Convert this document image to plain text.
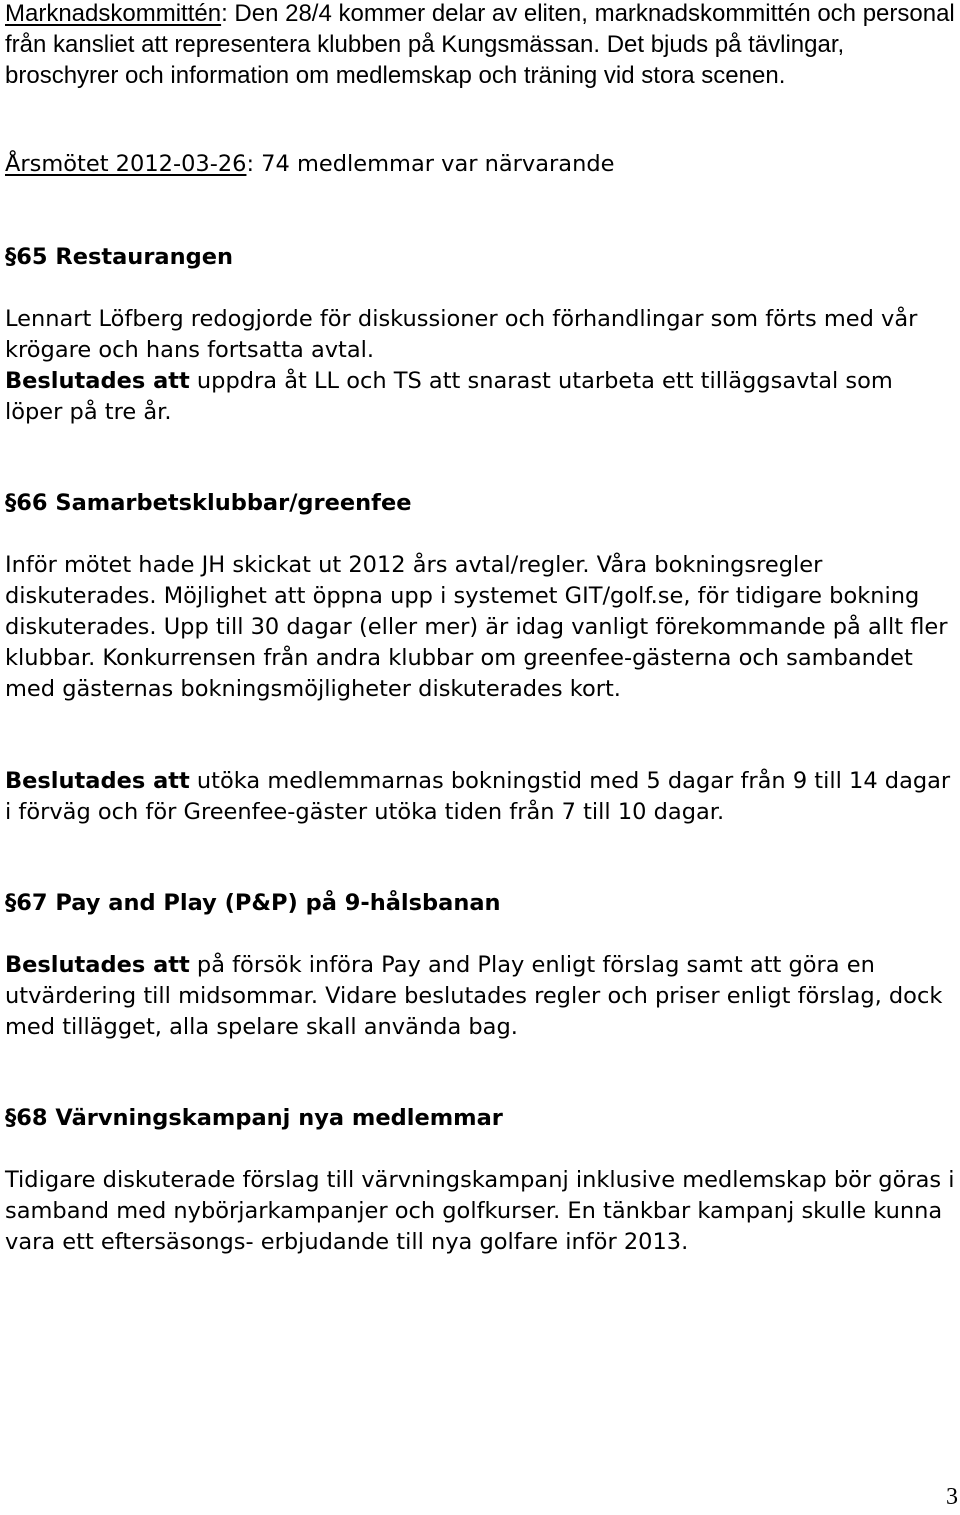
Marknadskommittén: Den 28/4 kommer delar av eliten, marknadskommittén och personal från kansliet att representera klubben på Kungsmässan. Det bjuds på tävlingar, broschyrer och information om medlemskap och träning vid stora scenen.

Årsmötet 2012-03-26: 74 medlemmar var närvarande

§65 Restaurangen

Lennart Löfberg redogjorde för diskussioner och förhandlingar som förts med vår krögare och hans fortsatta avtal.
Beslutades att uppdra åt LL och TS att snarast utarbeta ett tilläggsavtal som löper på tre år.

§66 Samarbetsklubbar/greenfee

Inför mötet hade JH skickat ut 2012 års avtal/regler. Våra bokningsregler diskuterades. Möjlighet att öppna upp i systemet GIT/golf.se, för tidigare bokning diskuterades. Upp till 30 dagar (eller mer) är idag vanligt förekommande på allt fler klubbar. Konkurrensen från andra klubbar om greenfee-gästerna och sambandet med gästernas bokningsmöjligheter diskuterades kort.

Beslutades att utöka medlemmarnas bokningstid med 5 dagar från 9 till 14 dagar i förväg och för Greenfee-gäster utöka tiden från 7 till 10 dagar.

§67 Pay and Play (P&P) på 9-hålsbanan

Beslutades att på försök införa Pay and Play enligt förslag samt att göra en utvärdering till midsommar. Vidare beslutades regler och priser enligt förslag, dock med tillägget, alla spelare skall använda bag.

§68 Värvningskampanj nya medlemmar

Tidigare diskuterade förslag till värvningskampanj inklusive medlemskap bör göras i samband med nybörjarkampanjer och golfkurser. En tänkbar kampanj skulle kunna vara ett eftersäsongs- erbjudande till nya golfare inför 2013.

3
